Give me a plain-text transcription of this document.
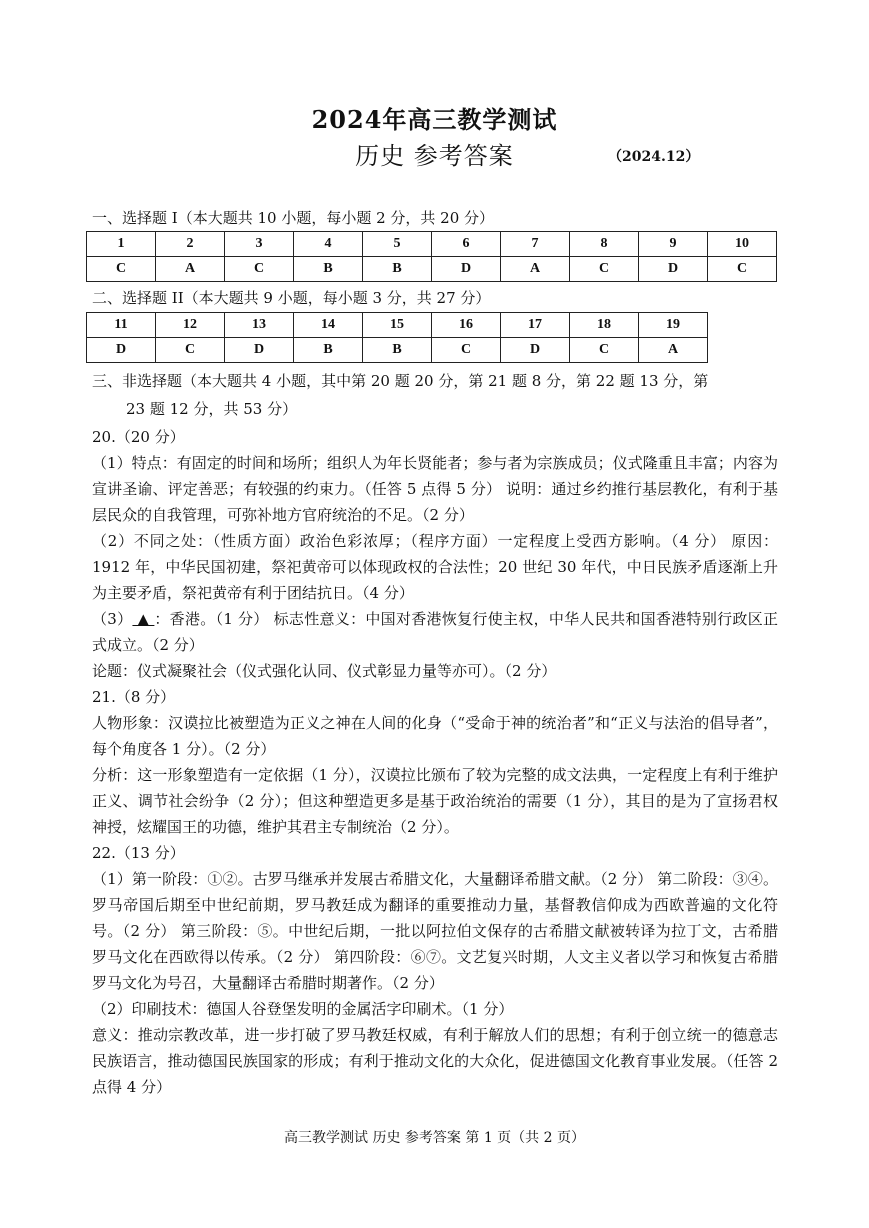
2024年高三教学测试
历史 参考答案	（2024.12）
一、选择题 I（本大题共 10 小题，每小题 2 分，共 20 分）
1	2	3	4	5	6	7	8	9	10
C	A	C	B	B	D	A	C	D	C
二、选择题 II（本大题共 9 小题，每小题 3 分，共 27 分）
11	12	13	14	15	16	17	18	19
D	C	D	B	B	C	D	C	A
三、非选择题（本大题共 4 小题，其中第 20 题 20 分，第 21 题 8 分，第 22 题 13 分，第
23 题 12 分，共 53 分）

20.（20 分）

（1）特点：有固定的时间和场所；组织人为年长贤能者；参与者为宗族成员；仪式隆重且丰富；内容为宣讲圣谕、评定善恶；有较强的约束力。（任答 5 点得 5 分） 说明：通过乡约推行基层教化，有利于基层民众的自我管理，可弥补地方官府统治的不足。（2 分）

（2）不同之处：（性质方面）政治色彩浓厚；（程序方面）一定程度上受西方影响。（4 分） 原因：1912 年，中华民国初建，祭祀黄帝可以体现政权的合法性；20 世纪 30 年代，中日民族矛盾逐渐上升为主要矛盾，祭祀黄帝有利于团结抗日。（4 分）

（3） ▲ ：香港。（1 分） 标志性意义：中国对香港恢复行使主权，中华人民共和国香港特别行政区正式成立。（2 分）

论题：仪式凝聚社会（仪式强化认同、仪式彰显力量等亦可）。（2 分）

21.（8 分）

人物形象：汉谟拉比被塑造为正义之神在人间的化身（“受命于神的统治者”和“正义与法治的倡导者”，每个角度各 1 分）。（2 分）

分析：这一形象塑造有一定依据（1 分），汉谟拉比颁布了较为完整的成文法典，一定程度上有利于维护正义、调节社会纷争（2 分）；但这种塑造更多是基于政治统治的需要（1 分），其目的是为了宣扬君权神授，炫耀国王的功德，维护其君主专制统治（2 分）。

22.（13 分）

（1）第一阶段：①②。古罗马继承并发展古希腊文化，大量翻译希腊文献。（2 分） 第二阶段：③④。罗马帝国后期至中世纪前期，罗马教廷成为翻译的重要推动力量，基督教信仰成为西欧普遍的文化符号。（2 分） 第三阶段：⑤。中世纪后期，一批以阿拉伯文保存的古希腊文献被转译为拉丁文，古希腊罗马文化在西欧得以传承。（2 分） 第四阶段：⑥⑦。文艺复兴时期，人文主义者以学习和恢复古希腊罗马文化为号召，大量翻译古希腊时期著作。（2 分）

（2）印刷技术：德国人谷登堡发明的金属活字印刷术。（1 分）

意义：推动宗教改革，进一步打破了罗马教廷权威，有利于解放人们的思想；有利于创立统一的德意志民族语言，推动德国民族国家的形成；有利于推动文化的大众化，促进德国文化教育事业发展。（任答 2 点得 4 分）

高三教学测试 历史 参考答案 第 1 页（共 2 页）
